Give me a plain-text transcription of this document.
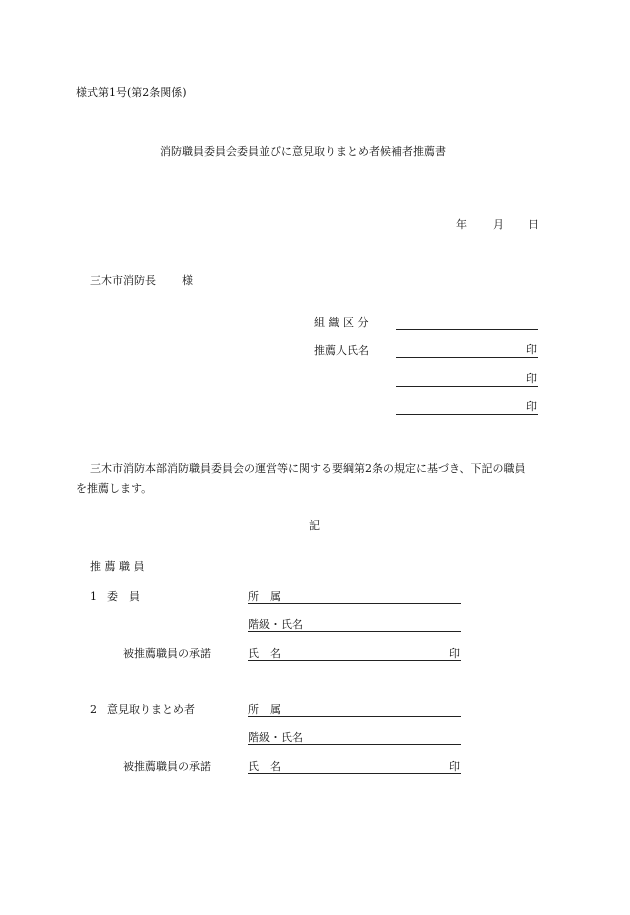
様式第1号(第2条関係)
消防職員委員会委員並びに意見取りまとめ者候補者推薦書
年 月 日
三木市消防長 様
組 織 区 分
推薦人氏名	印
印
印
三木市消防本部消防職員委員会の運営等に関する要綱第2条の規定に基づき、下記の職員
を推薦します。
記
推 薦 職 員
1 委　員	所　属
階級・氏名
被推薦職員の承諾	氏　名	印
2 意見取りまとめ者	所　属
階級・氏名
被推薦職員の承諾	氏　名	印
